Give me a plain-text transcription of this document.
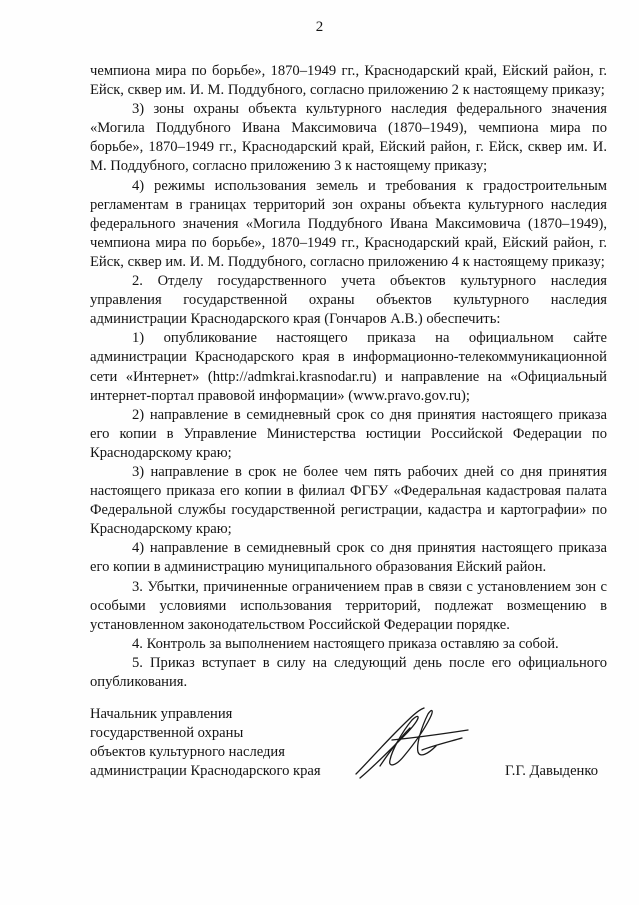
2

чемпиона мира по борьбе», 1870–1949 гг., Краснодарский край, Ейский район, г. Ейск, сквер им. И. М. Поддубного, согласно приложению 2 к настоящему приказу;

3) зоны охраны объекта культурного наследия федерального значения «Могила Поддубного Ивана Максимовича (1870–1949), чемпиона мира по борьбе», 1870–1949 гг., Краснодарский край, Ейский район, г. Ейск, сквер им. И. М. Поддубного, согласно приложению 3 к настоящему приказу;

4) режимы использования земель и требования к градостроительным регламентам в границах территорий зон охраны объекта культурного наследия федерального значения «Могила Поддубного Ивана Максимовича (1870–1949), чемпиона мира по борьбе», 1870–1949 гг., Краснодарский край, Ейский район, г. Ейск, сквер им. И. М. Поддубного, согласно приложению 4 к настоящему приказу;

2. Отделу государственного учета объектов культурного наследия управления государственной охраны объектов культурного наследия администрации Краснодарского края (Гончаров А.В.) обеспечить:

1) опубликование настоящего приказа на официальном сайте администрации Краснодарского края в информационно-телекоммуникационной сети «Интернет» (http://admkrai.krasnodar.ru) и направление на «Официальный интернет-портал правовой информации» (www.pravo.gov.ru);

2) направление в семидневный срок со дня принятия настоящего приказа его копии в Управление Министерства юстиции Российской Федерации по Краснодарскому краю;

3) направление в срок не более чем пять рабочих дней со дня принятия настоящего приказа его копии в филиал ФГБУ «Федеральная кадастровая палата Федеральной службы государственной регистрации, кадастра и картографии» по Краснодарскому краю;

4) направление в семидневный срок со дня принятия настоящего приказа его копии в администрацию муниципального образования Ейский район.

3. Убытки, причиненные ограничением прав в связи с установлением зон с особыми условиями использования территорий, подлежат возмещению в установленном законодательством Российской Федерации порядке.

4. Контроль за выполнением настоящего приказа оставляю за собой.

5. Приказ вступает в силу на следующий день после его официального опубликования.

Начальник управления
государственной охраны
объектов культурного наследия
администрации Краснодарского края	Г.Г. Давыденко
